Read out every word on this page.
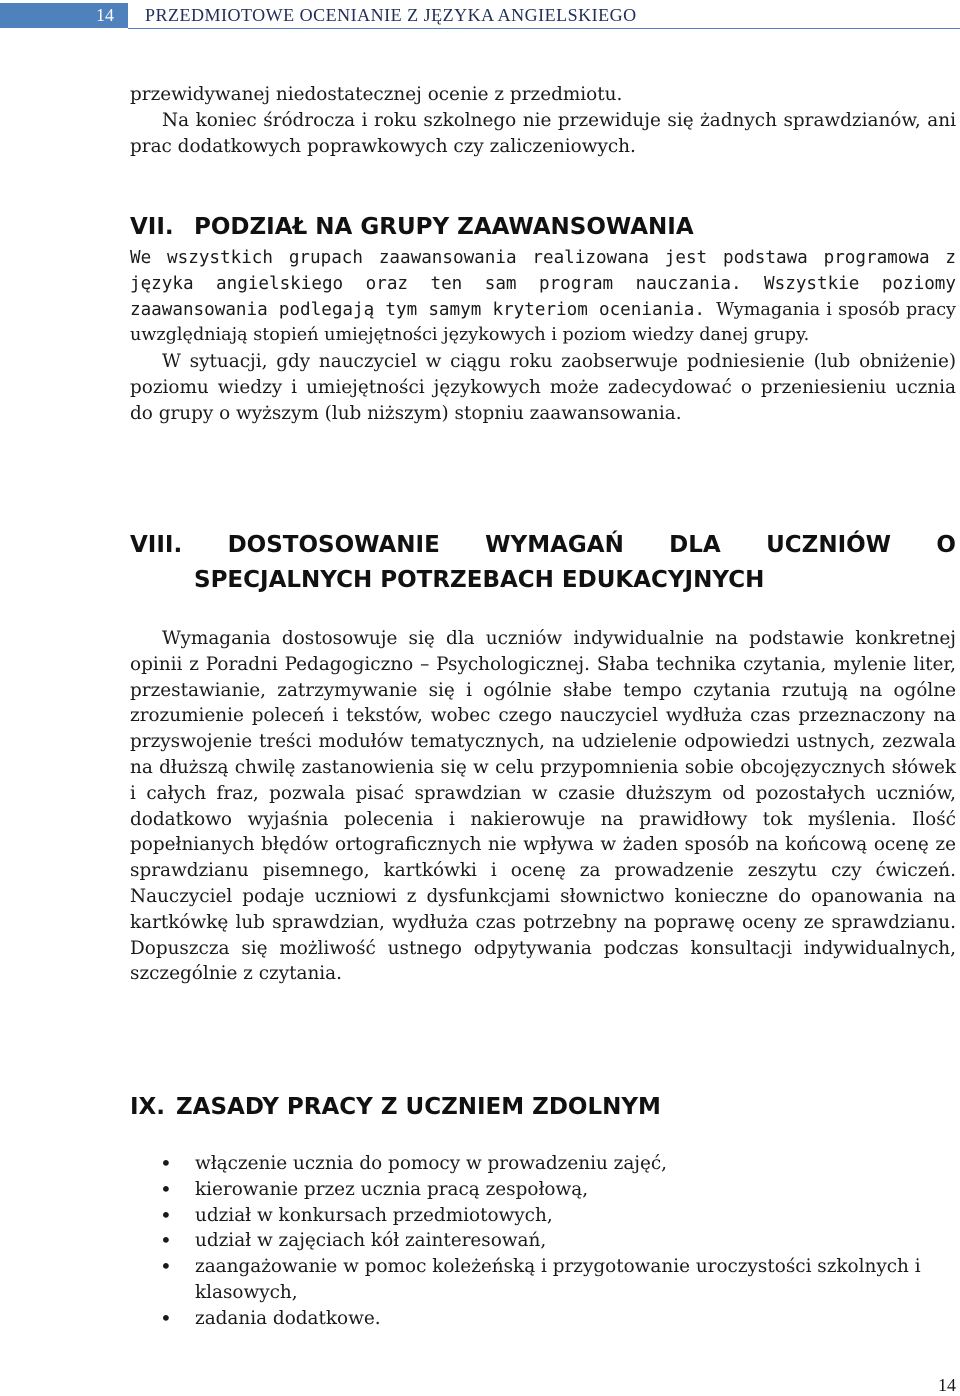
14	PRZEDMIOTOWE OCENIANIE Z JĘZYKA ANGIELSKIEGO

przewidywanej niedostatecznej ocenie z przedmiotu.

Na koniec śródrocza i roku szkolnego nie przewiduje się żadnych sprawdzianów, ani prac dodatkowych poprawkowych czy zaliczeniowych.

VII. PODZIAŁ NA GRUPY ZAAWANSOWANIA

We wszystkich grupach zaawansowania realizowana jest podstawa programowa z języka angielskiego oraz ten sam program nauczania. Wszystkie poziomy zaawansowania podlegają tym samym kryteriom oceniania. Wymagania i sposób pracy uwzględniają stopień umiejętności językowych i poziom wiedzy danej grupy.

W sytuacji, gdy nauczyciel w ciągu roku zaobserwuje podniesienie (lub obniżenie) poziomu wiedzy i umiejętności językowych może zadecydować o przeniesieniu ucznia do grupy o wyższym (lub niższym) stopniu zaawansowania.

VIII. DOSTOSOWANIE WYMAGAŃ DLA UCZNIÓW O
SPECJALNYCH POTRZEBACH EDUKACYJNYCH

Wymagania dostosowuje się dla uczniów indywidualnie na podstawie konkretnej opinii z Poradni Pedagogiczno – Psychologicznej. Słaba technika czytania, mylenie liter, przestawianie, zatrzymywanie się i ogólnie słabe tempo czytania rzutują na ogólne zrozumienie poleceń i tekstów, wobec czego nauczyciel wydłuża czas przeznaczony na przyswojenie treści modułów tematycznych, na udzielenie odpowiedzi ustnych, zezwala na dłuższą chwilę zastanowienia się w celu przypomnienia sobie obcojęzycznych słówek i całych fraz, pozwala pisać sprawdzian w czasie dłuższym od pozostałych uczniów, dodatkowo wyjaśnia polecenia i nakierowuje na prawidłowy tok myślenia. Ilość popełnianych błędów ortograficznych nie wpływa w żaden sposób na końcową ocenę ze sprawdzianu pisemnego, kartkówki i ocenę za prowadzenie zeszytu czy ćwiczeń. Nauczyciel podaje uczniowi z dysfunkcjami słownictwo konieczne do opanowania na kartkówkę lub sprawdzian, wydłuża czas potrzebny na poprawę oceny ze sprawdzianu. Dopuszcza się możliwość ustnego odpytywania podczas konsultacji indywidualnych, szczególnie z czytania.

IX. ZASADY PRACY Z UCZNIEM ZDOLNYM
• włączenie ucznia do pomocy w prowadzeniu zajęć,
• kierowanie przez ucznia pracą zespołową,
• udział w konkursach przedmiotowych,
• udział w zajęciach kół zainteresowań,
• zaangażowanie w pomoc koleżeńską i przygotowanie uroczystości szkolnych i klasowych,
• zadania dodatkowe.
14
